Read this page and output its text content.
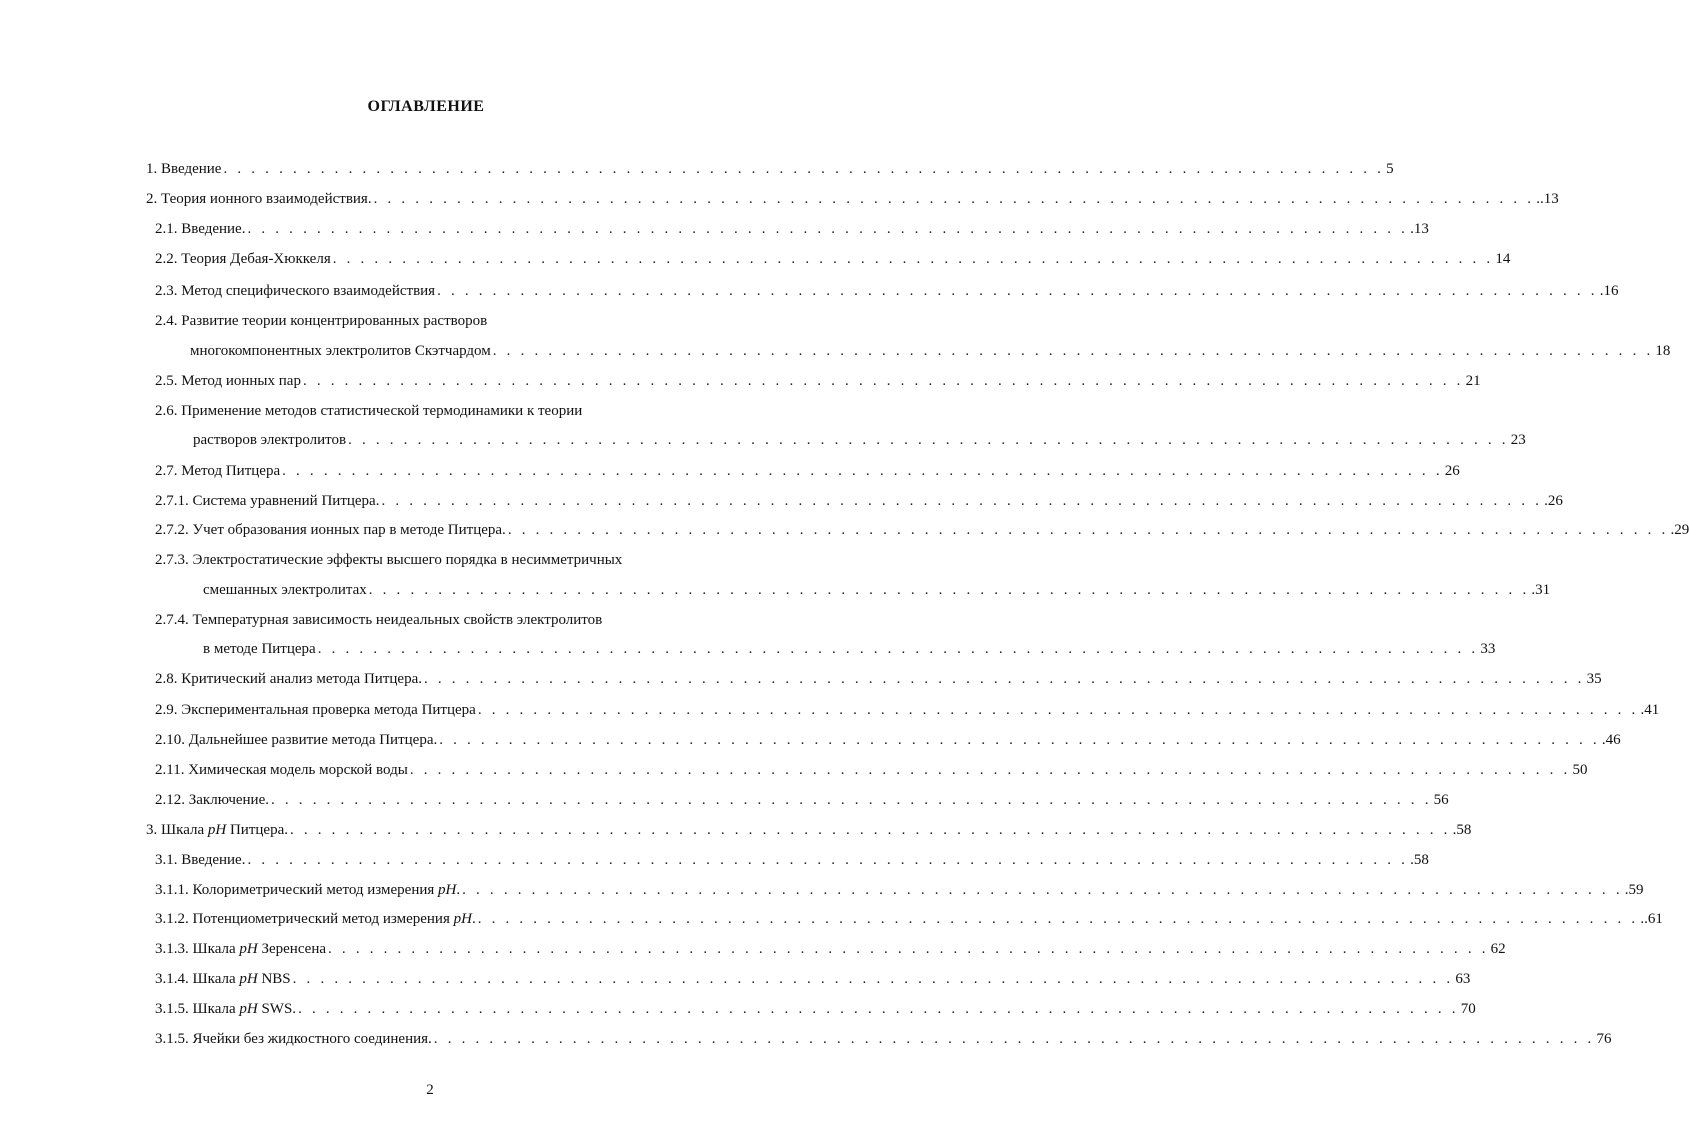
ОГЛАВЛЕНИЕ
1. Введение . . . . . . . . . . . . . . . . . . . . . . . . . . . . . . . . . . . . . . . . . . . . . . . . . . . . . . . . . . . . . . . . . . . . . . . . . . . . . . . . . . . . 5
2. Теория ионного взаимодействия. . . . . . . . . . . . . . . . . . . . . . . . . . . . . . . . . . . . . . . . . . . . . . . . . . . . . . . . . . . . . . . . . . . . . . . . . . . . . . . . . . . . . ..13
2.1. Введение. . . . . . . . . . . . . . . . . . . . . . . . . . . . . . . . . . . . . . . . . . . . . . . . . . . . . . . . . . . . . . . . . . . . . . . . . . . . . . . . . . . . . .13
2.2. Теория Дебая-Хюккеля . . . . . . . . . . . . . . . . . . . . . . . . . . . . . . . . . . . . . . . . . . . . . . . . . . . . . . . . . . . . . . . . . . . . . . . . . . . . . . . . . . . . 14
2.3. Метод специфического взаимодействия . . . . . . . . . . . . . . . . . . . . . . . . . . . . . . . . . . . . . . . . . . . . . . . . . . . . . . . . . . . . . . . . . . . . . . . . . . . . . . . . . . . . .16
2.4. Развитие теории концентрированных растворов
многокомпонентных электролитов Скэтчардом . . . . . . . . . . . . . . . . . . . . . . . . . . . . . . . . . . . . . . . . . . . . . . . . . . . . . . . . . . . . . . . . . . . . . . . . . . . . . . . . . . . . 18
2.5. Метод ионных пар . . . . . . . . . . . . . . . . . . . . . . . . . . . . . . . . . . . . . . . . . . . . . . . . . . . . . . . . . . . . . . . . . . . . . . . . . . . . . . . . . . . . 21
2.6. Применение методов статистической термодинамики к теории
растворов электролитов . . . . . . . . . . . . . . . . . . . . . . . . . . . . . . . . . . . . . . . . . . . . . . . . . . . . . . . . . . . . . . . . . . . . . . . . . . . . . . . . . . . . 23
2.7. Метод Питцера . . . . . . . . . . . . . . . . . . . . . . . . . . . . . . . . . . . . . . . . . . . . . . . . . . . . . . . . . . . . . . . . . . . . . . . . . . . . . . . . . . . . 26
2.7.1. Система уравнений Питцера. . . . . . . . . . . . . . . . . . . . . . . . . . . . . . . . . . . . . . . . . . . . . . . . . . . . . . . . . . . . . . . . . . . . . . . . . . . . . . . . . . . . . .26
2.7.2. Учет образования ионных пар в методе Питцера. . . . . . . . . . . . . . . . . . . . . . . . . . . . . . . . . . . . . . . . . . . . . . . . . . . . . . . . . . . . . . . . . . . . . . . . . . . . . . . . . . . . . .29
2.7.3. Электростатические эффекты высшего порядка в несимметричных
смешанных электролитах . . . . . . . . . . . . . . . . . . . . . . . . . . . . . . . . . . . . . . . . . . . . . . . . . . . . . . . . . . . . . . . . . . . . . . . . . . . . . . . . . . . . .31
2.7.4. Температурная зависимость неидеальных свойств электролитов
в методе Питцера . . . . . . . . . . . . . . . . . . . . . . . . . . . . . . . . . . . . . . . . . . . . . . . . . . . . . . . . . . . . . . . . . . . . . . . . . . . . . . . . . . . . 33
2.8. Критический анализ метода Питцера. . . . . . . . . . . . . . . . . . . . . . . . . . . . . . . . . . . . . . . . . . . . . . . . . . . . . . . . . . . . . . . . . . . . . . . . . . . . . . . . . . . . . 35
2.9. Экспериментальная проверка метода Питцера . . . . . . . . . . . . . . . . . . . . . . . . . . . . . . . . . . . . . . . . . . . . . . . . . . . . . . . . . . . . . . . . . . . . . . . . . . . . . . . . . . . . .41
2.10. Дальнейшее развитие метода Питцера. . . . . . . . . . . . . . . . . . . . . . . . . . . . . . . . . . . . . . . . . . . . . . . . . . . . . . . . . . . . . . . . . . . . . . . . . . . . . . . . . . . . . .46
2.11. Химическая модель морской воды . . . . . . . . . . . . . . . . . . . . . . . . . . . . . . . . . . . . . . . . . . . . . . . . . . . . . . . . . . . . . . . . . . . . . . . . . . . . . . . . . . . . 50
2.12. Заключение. . . . . . . . . . . . . . . . . . . . . . . . . . . . . . . . . . . . . . . . . . . . . . . . . . . . . . . . . . . . . . . . . . . . . . . . . . . . . . . . . . . . . 56
3. Шкала pH Питцера. . . . . . . . . . . . . . . . . . . . . . . . . . . . . . . . . . . . . . . . . . . . . . . . . . . . . . . . . . . . . . . . . . . . . . . . . . . . . . . . . . . . . .58
3.1. Введение. . . . . . . . . . . . . . . . . . . . . . . . . . . . . . . . . . . . . . . . . . . . . . . . . . . . . . . . . . . . . . . . . . . . . . . . . . . . . . . . . . . . . .58
3.1.1. Колориметрический метод измерения pH. . . . . . . . . . . . . . . . . . . . . . . . . . . . . . . . . . . . . . . . . . . . . . . . . . . . . . . . . . . . . . . . . . . . . . . . . . . . . . . . . . . . . .59
3.1.2. Потенциометрический метод измерения pH. . . . . . . . . . . . . . . . . . . . . . . . . . . . . . . . . . . . . . . . . . . . . . . . . . . . . . . . . . . . . . . . . . . . . . . . . . . . . . . . . . . . . ..61
3.1.3. Шкала pH Зеренсена . . . . . . . . . . . . . . . . . . . . . . . . . . . . . . . . . . . . . . . . . . . . . . . . . . . . . . . . . . . . . . . . . . . . . . . . . . . . . . . . . . . . 62
3.1.4. Шкала pH NBS . . . . . . . . . . . . . . . . . . . . . . . . . . . . . . . . . . . . . . . . . . . . . . . . . . . . . . . . . . . . . . . . . . . . . . . . . . . . . . . . . . . . 63
3.1.5. Шкала pH SWS. . . . . . . . . . . . . . . . . . . . . . . . . . . . . . . . . . . . . . . . . . . . . . . . . . . . . . . . . . . . . . . . . . . . . . . . . . . . . . . . . . . . . 70
3.1.5. Ячейки без жидкостного соединения. . . . . . . . . . . . . . . . . . . . . . . . . . . . . . . . . . . . . . . . . . . . . . . . . . . . . . . . . . . . . . . . . . . . . . . . . . . . . . . . . . . . . 76
2
